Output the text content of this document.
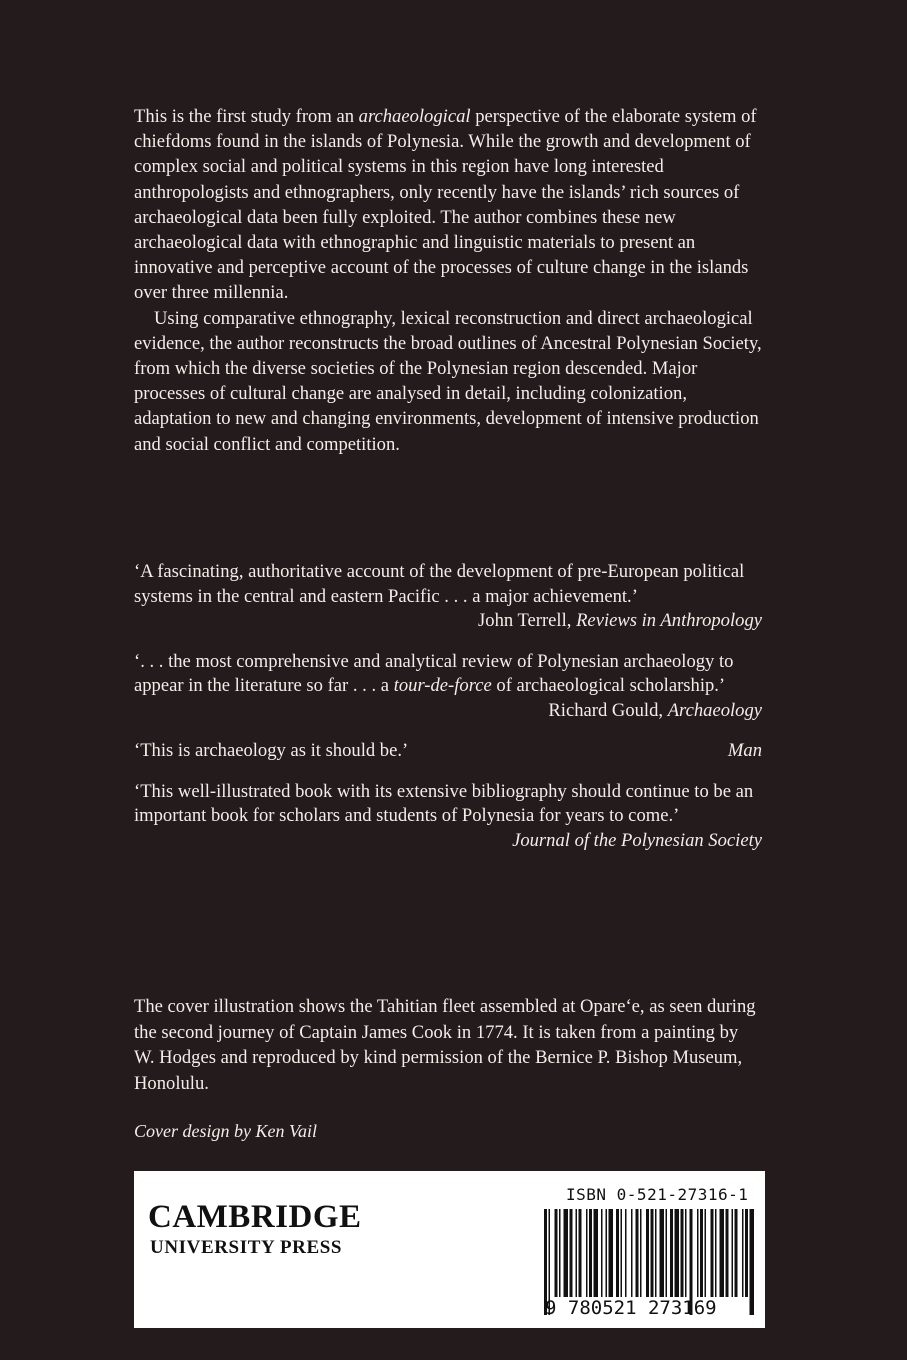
This is the first study from an archaeological perspective of the elaborate system of chiefdoms found in the islands of Polynesia. While the growth and development of complex social and political systems in this region have long interested anthropologists and ethnographers, only recently have the islands’ rich sources of archaeological data been fully exploited. The author combines these new archaeological data with ethnographic and linguistic materials to present an innovative and perceptive account of the processes of culture change in the islands over three millennia.

Using comparative ethnography, lexical reconstruction and direct archaeological evidence, the author reconstructs the broad outlines of Ancestral Polynesian Society, from which the diverse societies of the Polynesian region descended. Major processes of cultural change are analysed in detail, including colonization, adaptation to new and changing environments, development of intensive production and social conflict and competition.

‘A fascinating, authoritative account of the development of pre-European political systems in the central and eastern Pacific . . . a major achievement.’
John Terrell, Reviews in Anthropology
‘. . . the most comprehensive and analytical review of Polynesian archaeology to appear in the literature so far . . . a tour-de-force of archaeological scholarship.’
Richard Gould, Archaeology
‘This is archaeology as it should be.’	Man
‘This well-illustrated book with its extensive bibliography should continue to be an important book for scholars and students of Polynesia for years to come.’
Journal of the Polynesian Society
The cover illustration shows the Tahitian fleet assembled at Opare‘e, as seen during the second journey of Captain James Cook in 1774. It is taken from a painting by W. Hodges and reproduced by kind permission of the Bernice P. Bishop Museum, Honolulu.
Cover design by Ken Vail
CAMBRIDGE
UNIVERSITY PRESS
ISBN 0-521-27316-1
9 780521 273169
